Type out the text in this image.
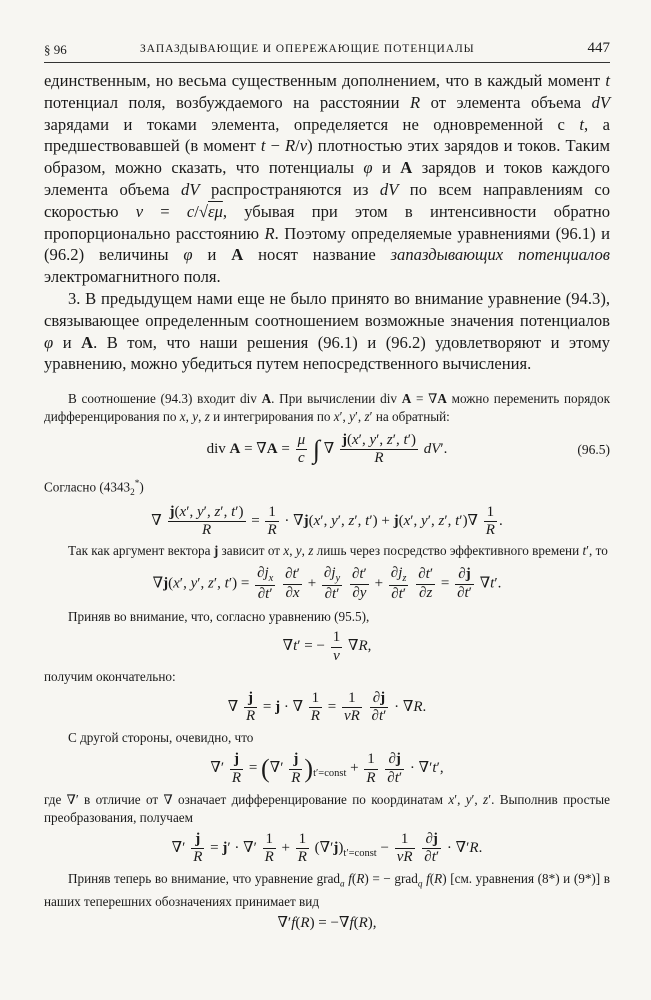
§ 96	ЗАПАЗДЫВАЮЩИЕ И ОПЕРЕЖАЮЩИЕ ПОТЕНЦИАЛЫ	447

единственным, но весьма существенным дополнением, что в каждый момент t потенциал поля, возбуждаемого на расстоянии R от элемента объема dV зарядами и токами элемента, определяется не одновременной с t, а предшествовавшей (в момент t − R/v) плотностью этих зарядов и токов. Таким образом, можно сказать, что потенциалы φ и A зарядов и токов каждого элемента объема dV распространяются из dV по всем направлениям со скоростью v = c/√εμ, убывая при этом в интенсивности обратно пропорционально расстоянию R. Поэтому определяемые уравнениями (96.1) и (96.2) величины φ и A носят название запаздывающих потенциалов электромагнитного поля.

3. В предыдущем нами еще не было принято во внимание уравнение (94.3), связывающее определенным соотношением возможные значения потенциалов φ и A. В том, что наши решения (96.1) и (96.2) удовлетворяют и этому уравнению, можно убедиться путем непосредственного вычисления.

В соотношение (94.3) входит div A. При вычислении div A = ∇A можно переменить порядок дифференцирования по x, y, z и интегрирования по x′, y′, z′ на обратный:

div $A = \nabla A = \frac{\mu}{c}$ ∫ ∇ $\frac{j(x', y', z', t')}{R} dV'$.	(96.5)

Согласно $(4343_2^*)$

∇ $\frac{j(x', y', z', t')}{R} = \frac{1}{R} \cdot \nabla j(x'$, y′, z′, t′) + j(x′, y′, z′, $t')\nabla \frac{1}{R}$ .

Так как аргумент вектора j зависит от x, y, z лишь через посредство эффективного времени t′, то

∇j(x′, y′, z′, $t') = \frac{\partial j_x}{\partial t'}$
$\frac{\partial t'}{\partial x} + \frac{\partial j_y}{\partial t'}$
$\frac{\partial t'}{\partial y} + \frac{\partial j_z}{\partial t'}$
$\frac{\partial t'}{\partial z} = \frac{\partial j}{\partial t'} \nabla t'$.

Приняв во внимание, что, согласно уравнению (95.5),

∇t′ = − $\frac{1}{v} \nabla R$,

получим окончательно:

∇ $\frac{j}{R} = j$ · ∇ $\frac{1}{R} = \frac{1}{vR}$
$\frac{\partial j}{\partial t'} \cdot \nabla R$.

С другой стороны, очевидно, что

∇′ $\frac{j}{R}$ = (∇′ $\frac{j}{R} )_{t'=const} + \frac{1}{R}$
$\frac{\partial j}{\partial t'} \cdot \nabla't'$,

где ∇′ в отличие от ∇ означает дифференцирование по координатам x′, y′, z′. Выполнив простые преобразования, получаем

∇′ $\frac{j}{R} = j'$ · ∇′ $\frac{1}{R} + \frac{1}{R} (\nabla'j)_{t'=const} - \frac{1}{vR}$
$\frac{\partial j}{\partial t'} \cdot \nabla'R$.

Приняв теперь во внимание, что уравнение grad$_a$ f(R) = − grad$_q$ f(R) [см. уравнения (8*) и (9*)] в наших теперешних обозначениях принимает вид

∇′f(R) = −∇f(R),
